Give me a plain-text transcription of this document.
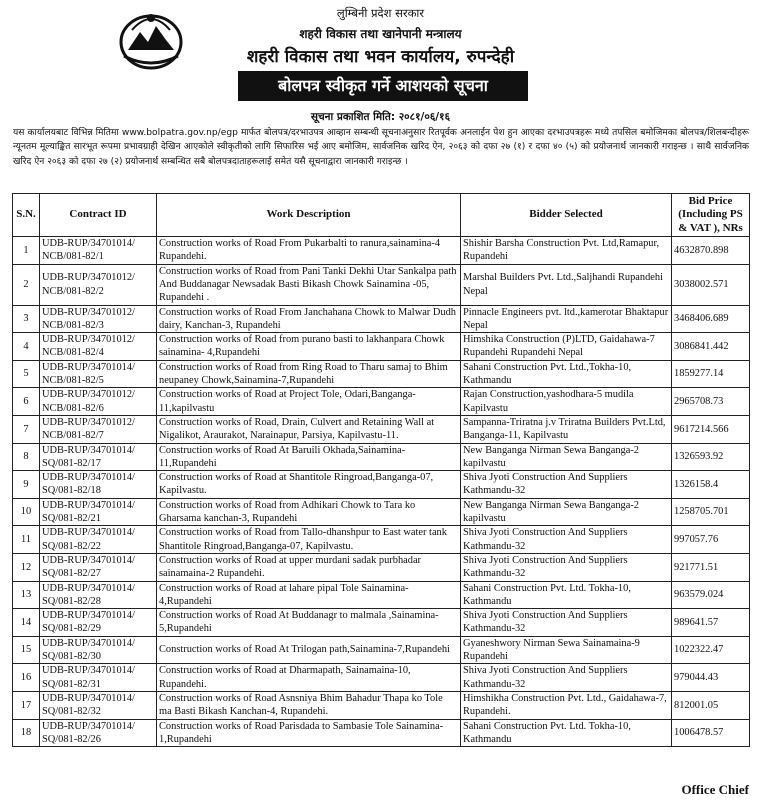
लुम्बिनी प्रदेश सरकार
शहरी विकास तथा खानेपानी मन्त्रालय
शहरी विकास तथा भवन कार्यालय, रुपन्देही
बोलपत्र स्वीकृत गर्ने आशयको सूचना
सूचना प्रकाशित मिति: २०८१/०६/१६
यस कार्यालयबाट विभिन्न मितिमा www.bolpatra.gov.np/egp मार्फत बोलपत्र/दरभाउपत्र आव्हान सम्बन्धी सूचनाअनुसार रितपूर्वक अनलाईन पेश हुन आएका दरभाउपत्रहरू मध्ये तपसिल बमोजिमका बोलपत्र/शिलबन्दीहरू न्यूनतम मूल्याङ्कित सारभूत रूपमा प्रभावग्राही देखिन आएकोले स्वीकृतीको लागि सिफारिस भई आए बमोजिम, सार्वजनिक खरिद ऐन, २०६३ को दफा २७ (१) र दफा ४० (५) को प्रयोजनार्थ जानकारी गराइन्छ । साथै सार्वजनिक खरिद ऐन २०६३ को दफा २७ (२) प्रयोजनार्थ सम्बन्धित सबै बोलपत्रदाताहरूलाई समेत यसै सूचनाद्वारा जानकारी गराइन्छ ।
S.N.	Contract ID	Work Description	Bidder Selected	Bid Price (Including PS & VAT ), NRs
1	UDB-RUP/34701014/ NCB/081-82/1	Construction works of Road From Pukarbalti to ranura,sainamina-4 Rupandehi.	Shishir Barsha Construction Pvt. Ltd,Ramapur, Rupandehi	4632870.898
2	UDB-RUP/34701012/ NCB/081-82/2	Construction works of Road from Pani Tanki Dekhi Utar Sankalpa path And Buddanagar Newsadak Basti Bikash Chowk Sainamina -05, Rupandehi .	Marshal Builders Pvt. Ltd.,Saljhandi Rupandehi Nepal	3038002.571
3	UDB-RUP/34701012/ NCB/081-82/3	Construction works of Road From Janchahana Chowk to Malwar Dudh dairy, Kanchan-3, Rupandehi	Pinnacle Engineers pvt. ltd.,kamerotar Bhaktapur Nepal	3468406.689
4	UDB-RUP/34701012/ NCB/081-82/4	Construction works of Road from purano basti to lakhanpara Chowk sainamina- 4,Rupandehi	Himshika Construction (P)LTD, Gaidahawa-7 Rupandehi Rupandehi Nepal	3086841.442
5	UDB-RUP/34701014/ NCB/081-82/5	Construction works of Road from Ring Road to Tharu samaj to Bhim neupaney Chowk,Sainamina-7,Rupandehi	Sahani Construction Pvt. Ltd.,Tokha-10, Kathmandu	1859277.14
6	UDB-RUP/34701012/ NCB/081-82/6	Construction works of Road at Project Tole, Odari,Banganga-11,kapilvastu	Rajan Construction,yashodhara-5 mudila Kapilvastu	2965708.73
7	UDB-RUP/34701012/ NCB/081-82/7	Construction works of Road, Drain, Culvert and Retaining Wall at Nigalikot, Araurakot, Narainapur, Parsiya, Kapilvastu-11.	Sampanna-Triratna j.v Triratna Builders Pvt.Ltd, Banganga-11, Kapilvastu	9617214.566
8	UDB-RUP/34701014/ SQ/081-82/17	Construction works of Road At Baruili Okhada,Sainamina-11,Rupandehi	New Banganga Nirman Sewa Banganga-2 kapilvastu	1326593.92
9	UDB-RUP/34701014/ SQ/081-82/18	Construction works of Road at Shantitole Ringroad,Banganga-07, Kapilvastu.	Shiva Jyoti Construction And Suppliers Kathmandu-32	1326158.4
10	UDB-RUP/34701014/ SQ/081-82/21	Construction works of Road from Adhikari Chowk to Tara ko Gharsama kanchan-3, Rupandehi	New Banganga Nirman Sewa Banganga-2 kapilvastu	1258705.701
11	UDB-RUP/34701014/ SQ/081-82/22	Construction works of Road from Tallo-dhanshpur to East water tank Shantitole Ringroad,Banganga-07, Kapilvastu.	Shiva Jyoti Construction And Suppliers Kathmandu-32	997057.76
12	UDB-RUP/34701014/ SQ/081-82/27	Construction works of Road at upper murdani sadak purbhadar sainamaina-2 Rupandehi.	Shiva Jyoti Construction And Suppliers Kathmandu-32	921771.51
13	UDB-RUP/34701014/ SQ/081-82/28	Construction works of Road at lahare pipal Tole Sainamina-4,Rupandehi	Sahani Construction Pvt. Ltd. Tokha-10, Kathmandu	963579.024
14	UDB-RUP/34701014/ SQ/081-82/29	Construction works of Road At Buddanagr to malmala ,Sainamina-5,Rupandehi	Shiva Jyoti Construction And Suppliers Kathmandu-32	989641.57
15	UDB-RUP/34701014/ SQ/081-82/30	Construction works of Road At Trilogan path,Sainamina-7,Rupandehi	Gyaneshwory Nirman Sewa Sainamaina-9 Rupandehi	1022322.47
16	UDB-RUP/34701014/ SQ/081-82/31	Construction works of Road at Dharmapath, Sainamaina-10, Rupandehi.	Shiva Jyoti Construction And Suppliers Kathmandu-32	979044.43
17	UDB-RUP/34701014/ SQ/081-82/32	Construction works of Road Asnsniya Bhim Bahadur Thapa ko Tole ma Basti Bikash Kanchan-4, Rupandehi.	Himshikha Construction Pvt. Ltd., Gaidahawa-7, Rupandehi.	812001.05
18	UDB-RUP/34701014/ SQ/081-82/26	Construction works of Road Parisdada to Sambasie Tole Sainamina-1,Rupandehi	Sahani Construction Pvt. Ltd. Tokha-10, Kathmandu	1006478.57
Office Chief
